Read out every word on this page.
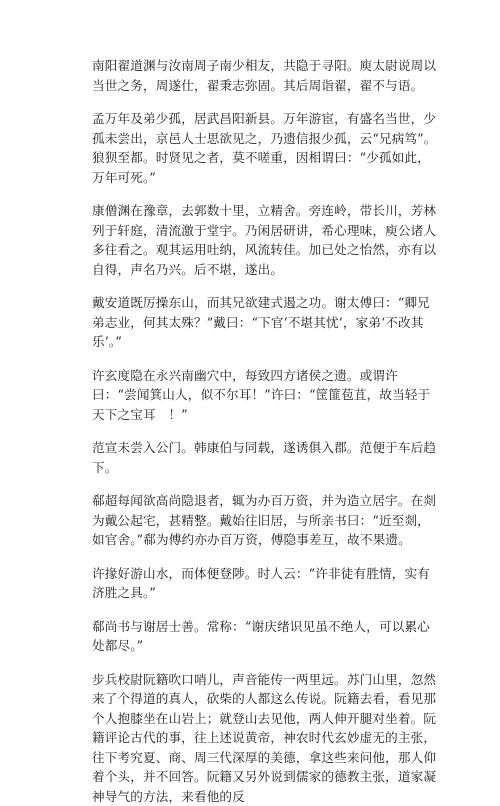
南阳翟道渊与汝南周子南少相友，共隐于寻阳。庾太尉说周以当世之务，周遂仕，翟秉志弥固。其后周诣翟，翟不与语。

孟万年及弟少孤，居武昌阳新县。万年游宦，有盛名当世，少孤未尝出，京邑人士思欲见之，乃遗信报少孤，云“兄病笃”。狼狈至都。时贤见之者，莫不嗟重，因相谓曰：“少孤如此，万年可死。”

康僧渊在豫章，去郭数十里，立精舍。旁连岭，带长川，芳林列于轩庭，清流激于堂宇。乃闲居研讲，希心理味，庾公诸人多往看之。观其运用吐纳，风流转佳。加已处之怡然，亦有以自得，声名乃兴。后不堪，遂出。

戴安道既厉操东山，而其兄欲建式遏之功。谢太傅曰：“卿兄弟志业，何其太殊？”戴曰：“下官‘不堪其忧’，家弟‘不改其乐’。”

许玄度隐在永兴南幽穴中，每致四方诸侯之遗。或谓许曰：“尝闻箕山人，似不尔耳！”许曰：“筐篚苞苴，故当轻于天下之宝耳　！”

范宣未尝入公门。韩康伯与同载，遂诱俱入郡。范便于车后趋下。

郗超每闻欲高尚隐退者，辄为办百万资，并为造立居宇。在剡为戴公起宅，甚精整。戴始往旧居，与所亲书曰：“近至剡，如官舍。”郗为傅约亦办百万资，傅隐事差互，故不果遗。

许掾好游山水，而体便登陟。时人云：“许非徒有胜情，实有济胜之具。”

郗尚书与谢居士善。常称：“谢庆绪识见虽不绝人，可以累心处都尽。”

步兵校尉阮籍吹口哨儿，声音能传一两里远。苏门山里，忽然来了个得道的真人，砍柴的人都这么传说。阮籍去看，看见那个人抱膝坐在山岩上；就登山去见他，两人伸开腿对坐着。阮籍评论古代的事，往上述说黄帝，神农时代玄妙虚无的主张，往下考究夏、商、周三代深厚的美德，拿这些来问他，那人仰着个头，并不回答。阮籍又另外说到儒家的德教主张，道家凝神导气的方法，来看他的反
